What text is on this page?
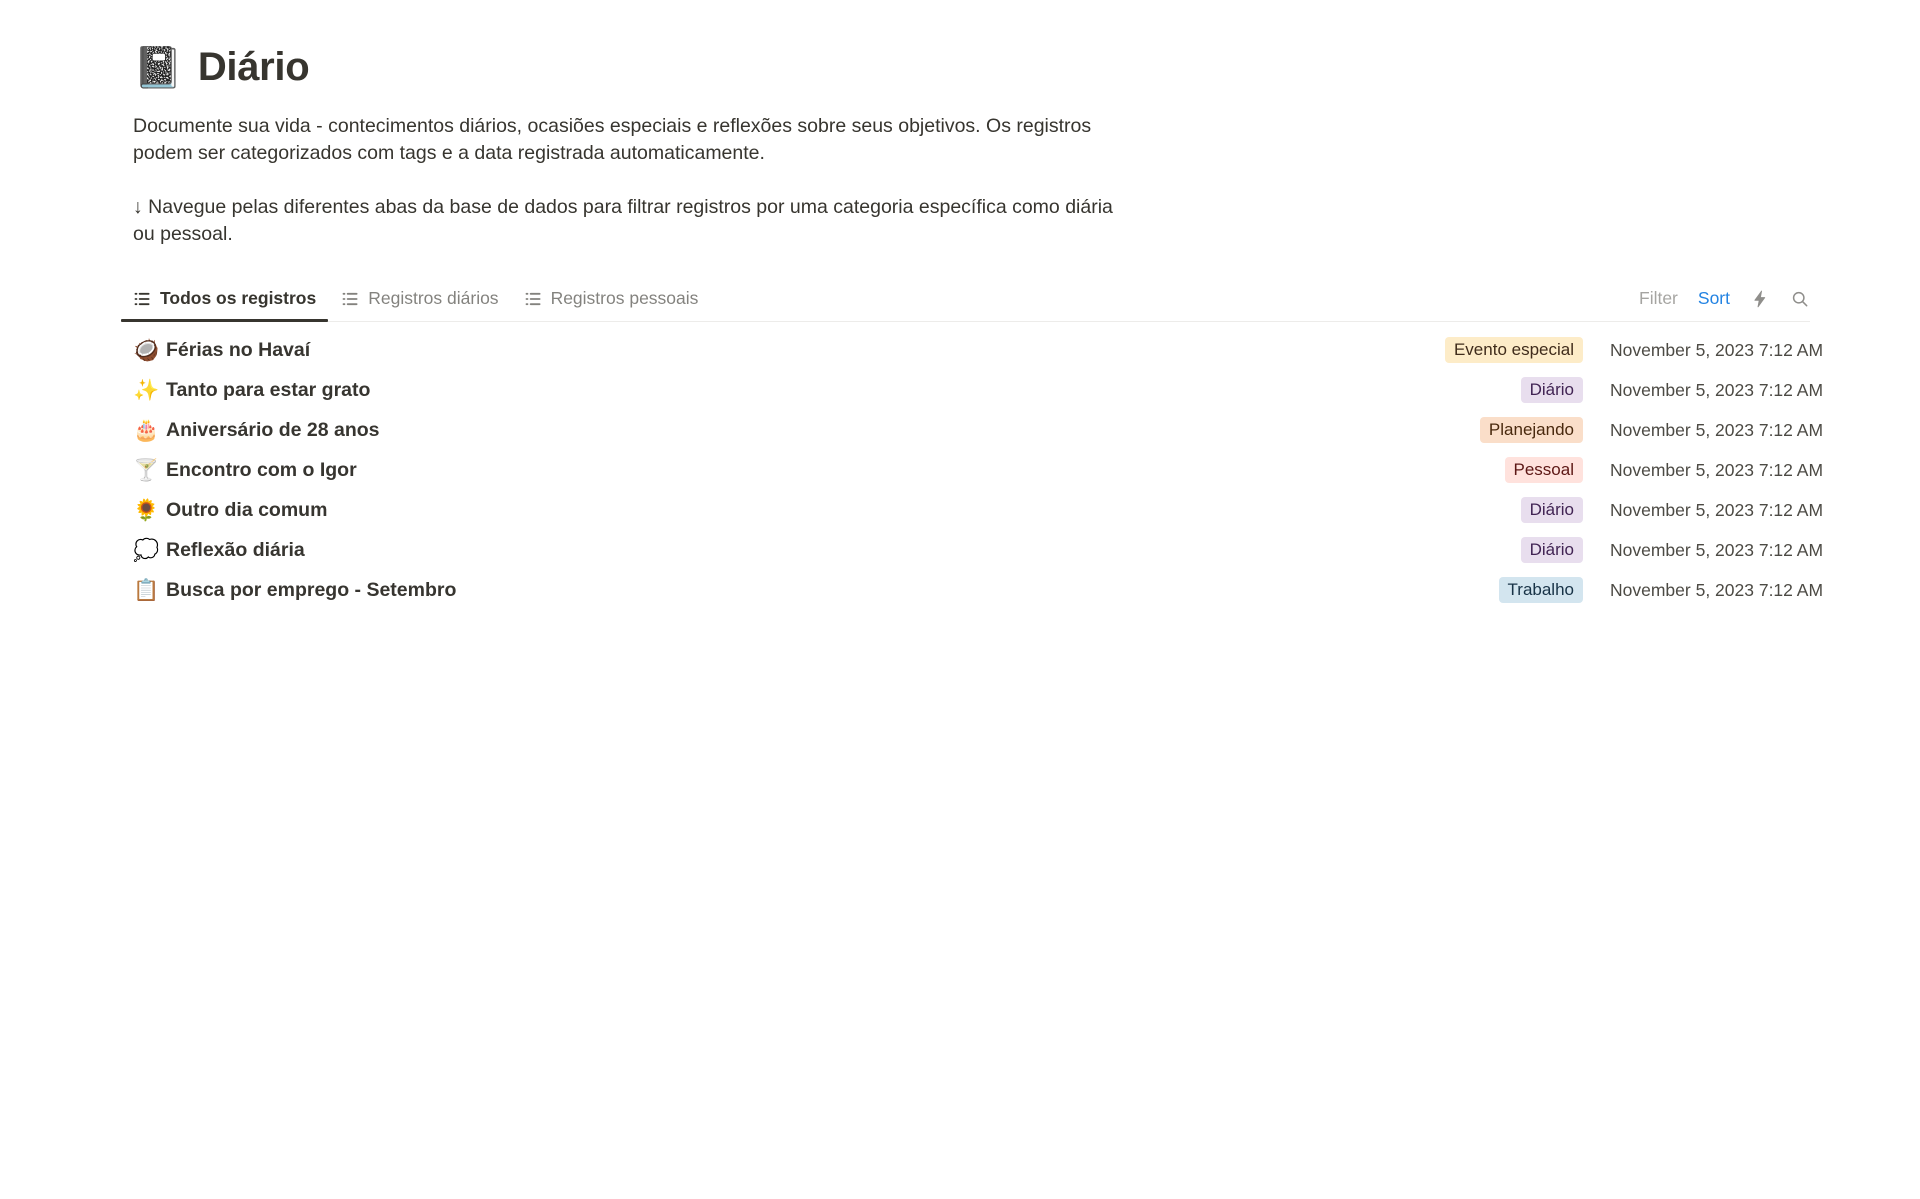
📓 Diário

Documente sua vida - contecimentos diários, ocasiões especiais e reflexões sobre seus objetivos. Os registros podem ser categorizados com tags e a data registrada automaticamente.

↓ Navegue pelas diferentes abas da base de dados para filtrar registros por uma categoria específica como diária ou pessoal.

Todos os registros	Registros diários	Registros pessoais	Filter Sort
🥥 Férias no Havaí	Evento especial	November 5, 2023 7:12 AM
✨ Tanto para estar grato	Diário	November 5, 2023 7:12 AM
🎂 Aniversário de 28 anos	Planejando	November 5, 2023 7:12 AM
🍸 Encontro com o Igor	Pessoal	November 5, 2023 7:12 AM
🌻 Outro dia comum	Diário	November 5, 2023 7:12 AM
💭 Reflexão diária	Diário	November 5, 2023 7:12 AM
📋 Busca por emprego - Setembro	Trabalho	November 5, 2023 7:12 AM
